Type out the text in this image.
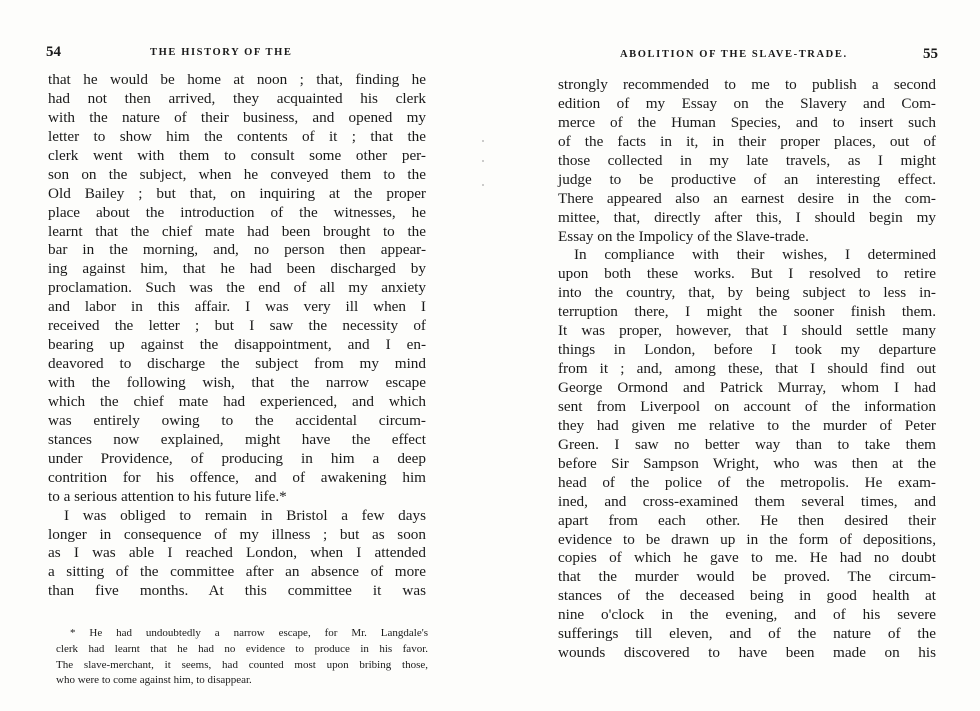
54	THE HISTORY OF THE
that he would be home at noon ; that, finding he
had not then arrived, they acquainted his clerk
with the nature of their business, and opened my
letter to show him the contents of it ; that the
clerk went with them to consult some other per-
son on the subject, when he conveyed them to the
Old Bailey ; but that, on inquiring at the proper
place about the introduction of the witnesses, he
learnt that the chief mate had been brought to the
bar in the morning, and, no person then appear-
ing against him, that he had been discharged by
proclamation. Such was the end of all my anxiety
and labor in this affair. I was very ill when I
received the letter ; but I saw the necessity of
bearing up against the disappointment, and I en-
deavored to discharge the subject from my mind
with the following wish, that the narrow escape
which the chief mate had experienced, and which
was entirely owing to the accidental circum-
stances now explained, might have the effect
under Providence, of producing in him a deep
contrition for his offence, and of awakening him
to a serious attention to his future life.*
I was obliged to remain in Bristol a few days
longer in consequence of my illness ; but as soon
as I was able I reached London, when I attended
a sitting of the committee after an absence of more
than five months. At this committee it was
* He had undoubtedly a narrow escape, for Mr. Langdale's
clerk had learnt that he had no evidence to produce in his favor.
The slave-merchant, it seems, had counted most upon bribing those,
who were to come against him, to disappear.
ABOLITION OF THE SLAVE-TRADE.	55
strongly recommended to me to publish a second
edition of my Essay on the Slavery and Com-
merce of the Human Species, and to insert such
of the facts in it, in their proper places, out of
those collected in my late travels, as I might
judge to be productive of an interesting effect.
There appeared also an earnest desire in the com-
mittee, that, directly after this, I should begin my
Essay on the Impolicy of the Slave-trade.
In compliance with their wishes, I determined
upon both these works. But I resolved to retire
into the country, that, by being subject to less in-
terruption there, I might the sooner finish them.
It was proper, however, that I should settle many
things in London, before I took my departure
from it ; and, among these, that I should find out
George Ormond and Patrick Murray, whom I had
sent from Liverpool on account of the information
they had given me relative to the murder of Peter
Green. I saw no better way than to take them
before Sir Sampson Wright, who was then at the
head of the police of the metropolis. He exam-
ined, and cross-examined them several times, and
apart from each other. He then desired their
evidence to be drawn up in the form of depositions,
copies of which he gave to me. He had no doubt
that the murder would be proved. The circum-
stances of the deceased being in good health at
nine o'clock in the evening, and of his severe
sufferings till eleven, and of the nature of the
wounds discovered to have been made on his
